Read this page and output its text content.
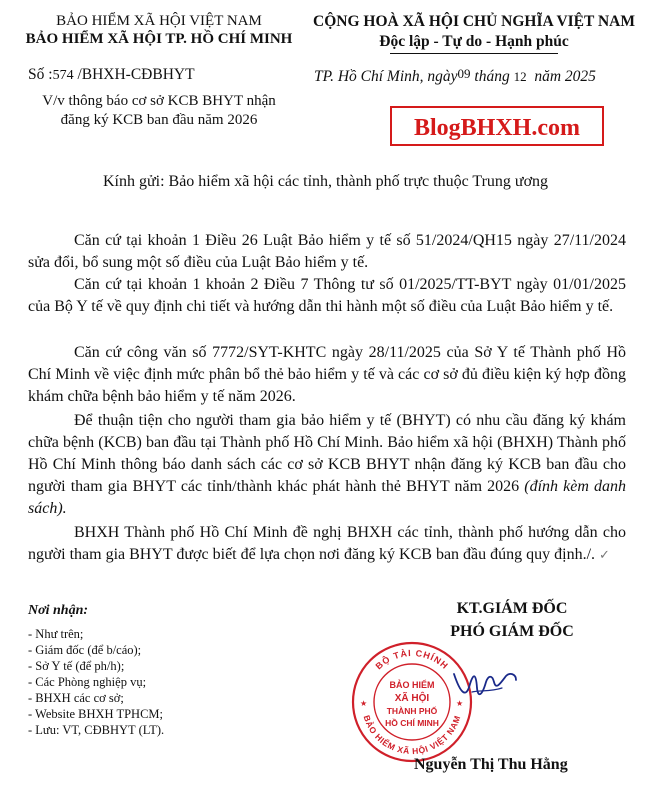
BẢO HIỂM XÃ HỘI VIỆT NAM
BẢO HIỂM XÃ HỘI TP. HỒ CHÍ MINH
CỘNG HOÀ XÃ HỘI CHỦ NGHĨA VIỆT NAM
Độc lập - Tự do - Hạnh phúc
Số :574 /BHXH-CĐBHYT	TP. Hồ Chí Minh, ngày09 tháng 12  năm 2025
V/v thông báo cơ sở KCB BHYT nhận
đăng ký KCB ban đầu năm 2026	BlogBHXH.com
Kính gửi: Bảo hiểm xã hội các tỉnh, thành phố trực thuộc Trung ương
Căn cứ tại khoản 1 Điều 26 Luật Bảo hiểm y tế số 51/2024/QH15 ngày 27/11/2024 sửa đổi, bổ sung một số điều của Luật Bảo hiểm y tế.
Căn cứ tại khoản 1 khoản 2 Điều 7 Thông tư số 01/2025/TT-BYT ngày 01/01/2025 của Bộ Y tế về quy định chi tiết và hướng dẫn thi hành một số điều của Luật Bảo hiểm y tế.
Căn cứ công văn số 7772/SYT-KHTC ngày 28/11/2025 của Sở Y tế Thành phố Hồ Chí Minh về việc định mức phân bổ thẻ bảo hiểm y tế và các cơ sở đủ điều kiện ký hợp đồng khám chữa bệnh bảo hiểm y tế năm 2026.
Để thuận tiện cho người tham gia bảo hiểm y tế (BHYT) có nhu cầu đăng ký khám chữa bệnh (KCB) ban đầu tại Thành phố Hồ Chí Minh. Bảo hiểm xã hội (BHXH) Thành phố Hồ Chí Minh thông báo danh sách các cơ sở KCB BHYT nhận đăng ký KCB ban đầu cho người tham gia BHYT các tỉnh/thành khác phát hành thẻ BHYT năm 2026 (đính kèm danh sách).
BHXH Thành phố Hồ Chí Minh đề nghị BHXH các tỉnh, thành phố hướng dẫn cho người tham gia BHYT được biết để lựa chọn nơi đăng ký KCB ban đầu đúng quy định./. ✓
Nơi nhận:
- Như trên;
- Giám đốc (để b/cáo);
- Sở Y tế (để ph/h);
- Các Phòng nghiệp vụ;
- BHXH các cơ sở;
- Website BHXH TPHCM;
- Lưu: VT, CĐBHYT (LT).
KT.GIÁM ĐỐC
PHÓ GIÁM ĐỐC
BỘ TÀI CHÍNH
BẢO HIỂM XÃ HỘI VIỆT NAM
BẢO HIỂM
XÃ HỘI
THÀNH PHỐ
HỒ CHÍ MINH
★	★
Nguyễn Thị Thu Hằng
